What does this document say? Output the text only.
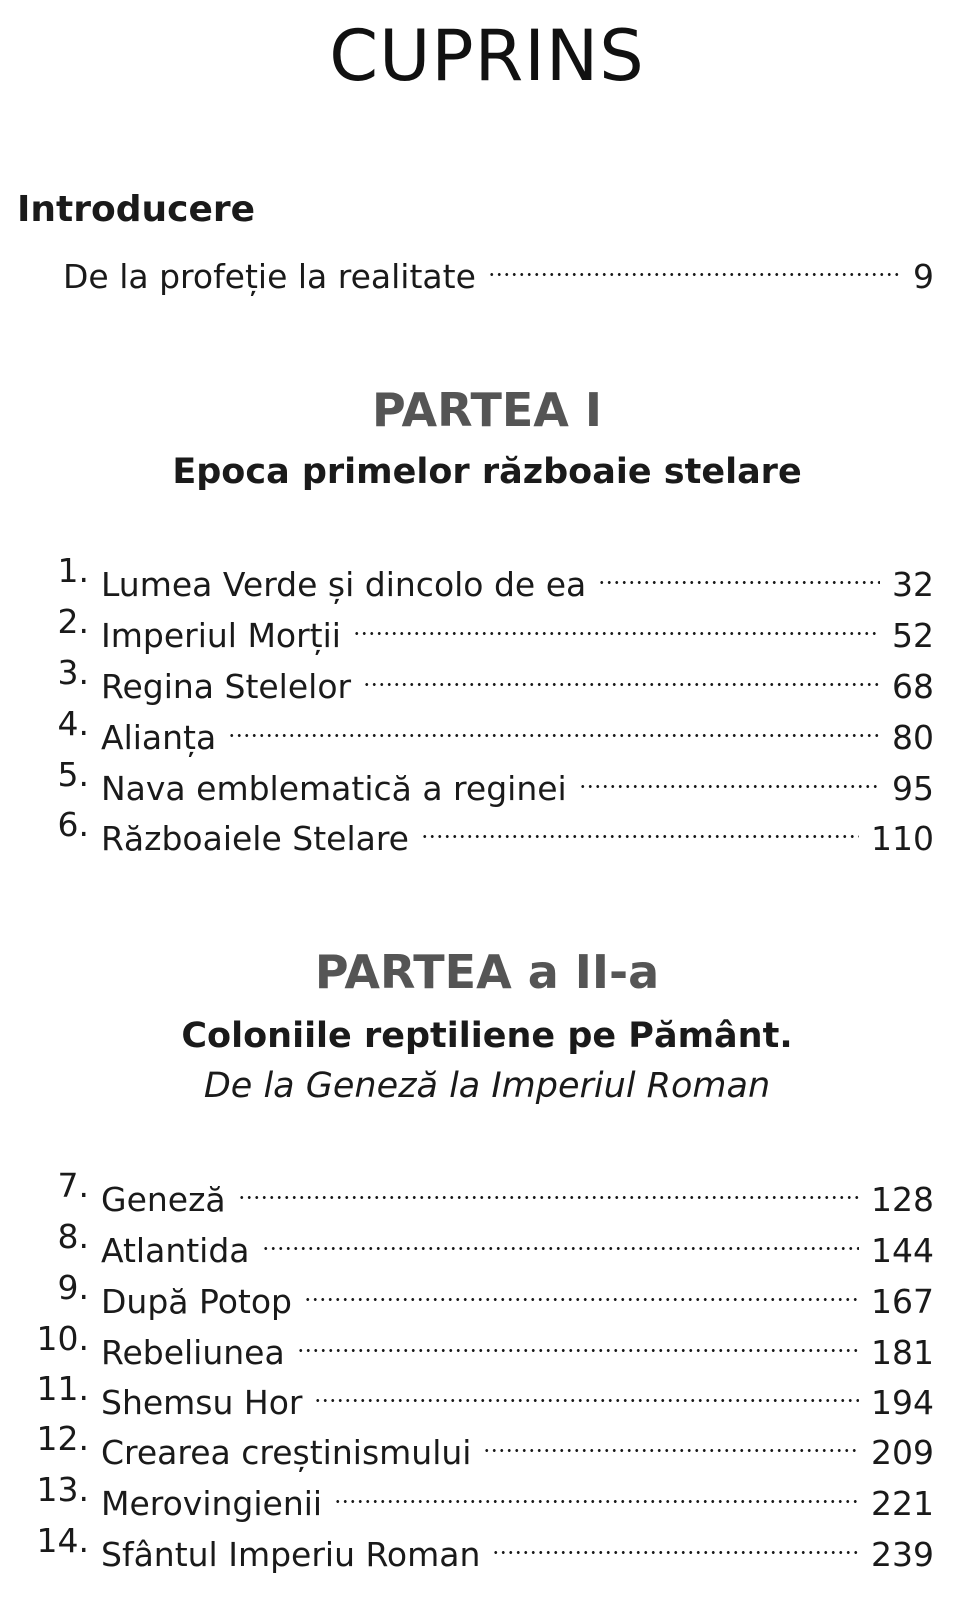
CUPRINS
Introducere
De la profeție la realitate	9
PARTEA I
Epoca primelor războaie stelare
1. Lumea Verde și dincolo de ea	32
2. Imperiul Morții	52
3. Regina Stelelor	68
4. Alianța	80
5. Nava emblematică a reginei	95
6. Războaiele Stelare	110
PARTEA a II-a
Coloniile reptiliene pe Pământ.
De la Geneză la Imperiul Roman
7. Geneză	128
8. Atlantida	144
9. După Potop	167
10. Rebeliunea	181
11. Shemsu Hor	194
12. Crearea creștinismului	209
13. Merovingienii	221
14. Sfântul Imperiu Roman	239
